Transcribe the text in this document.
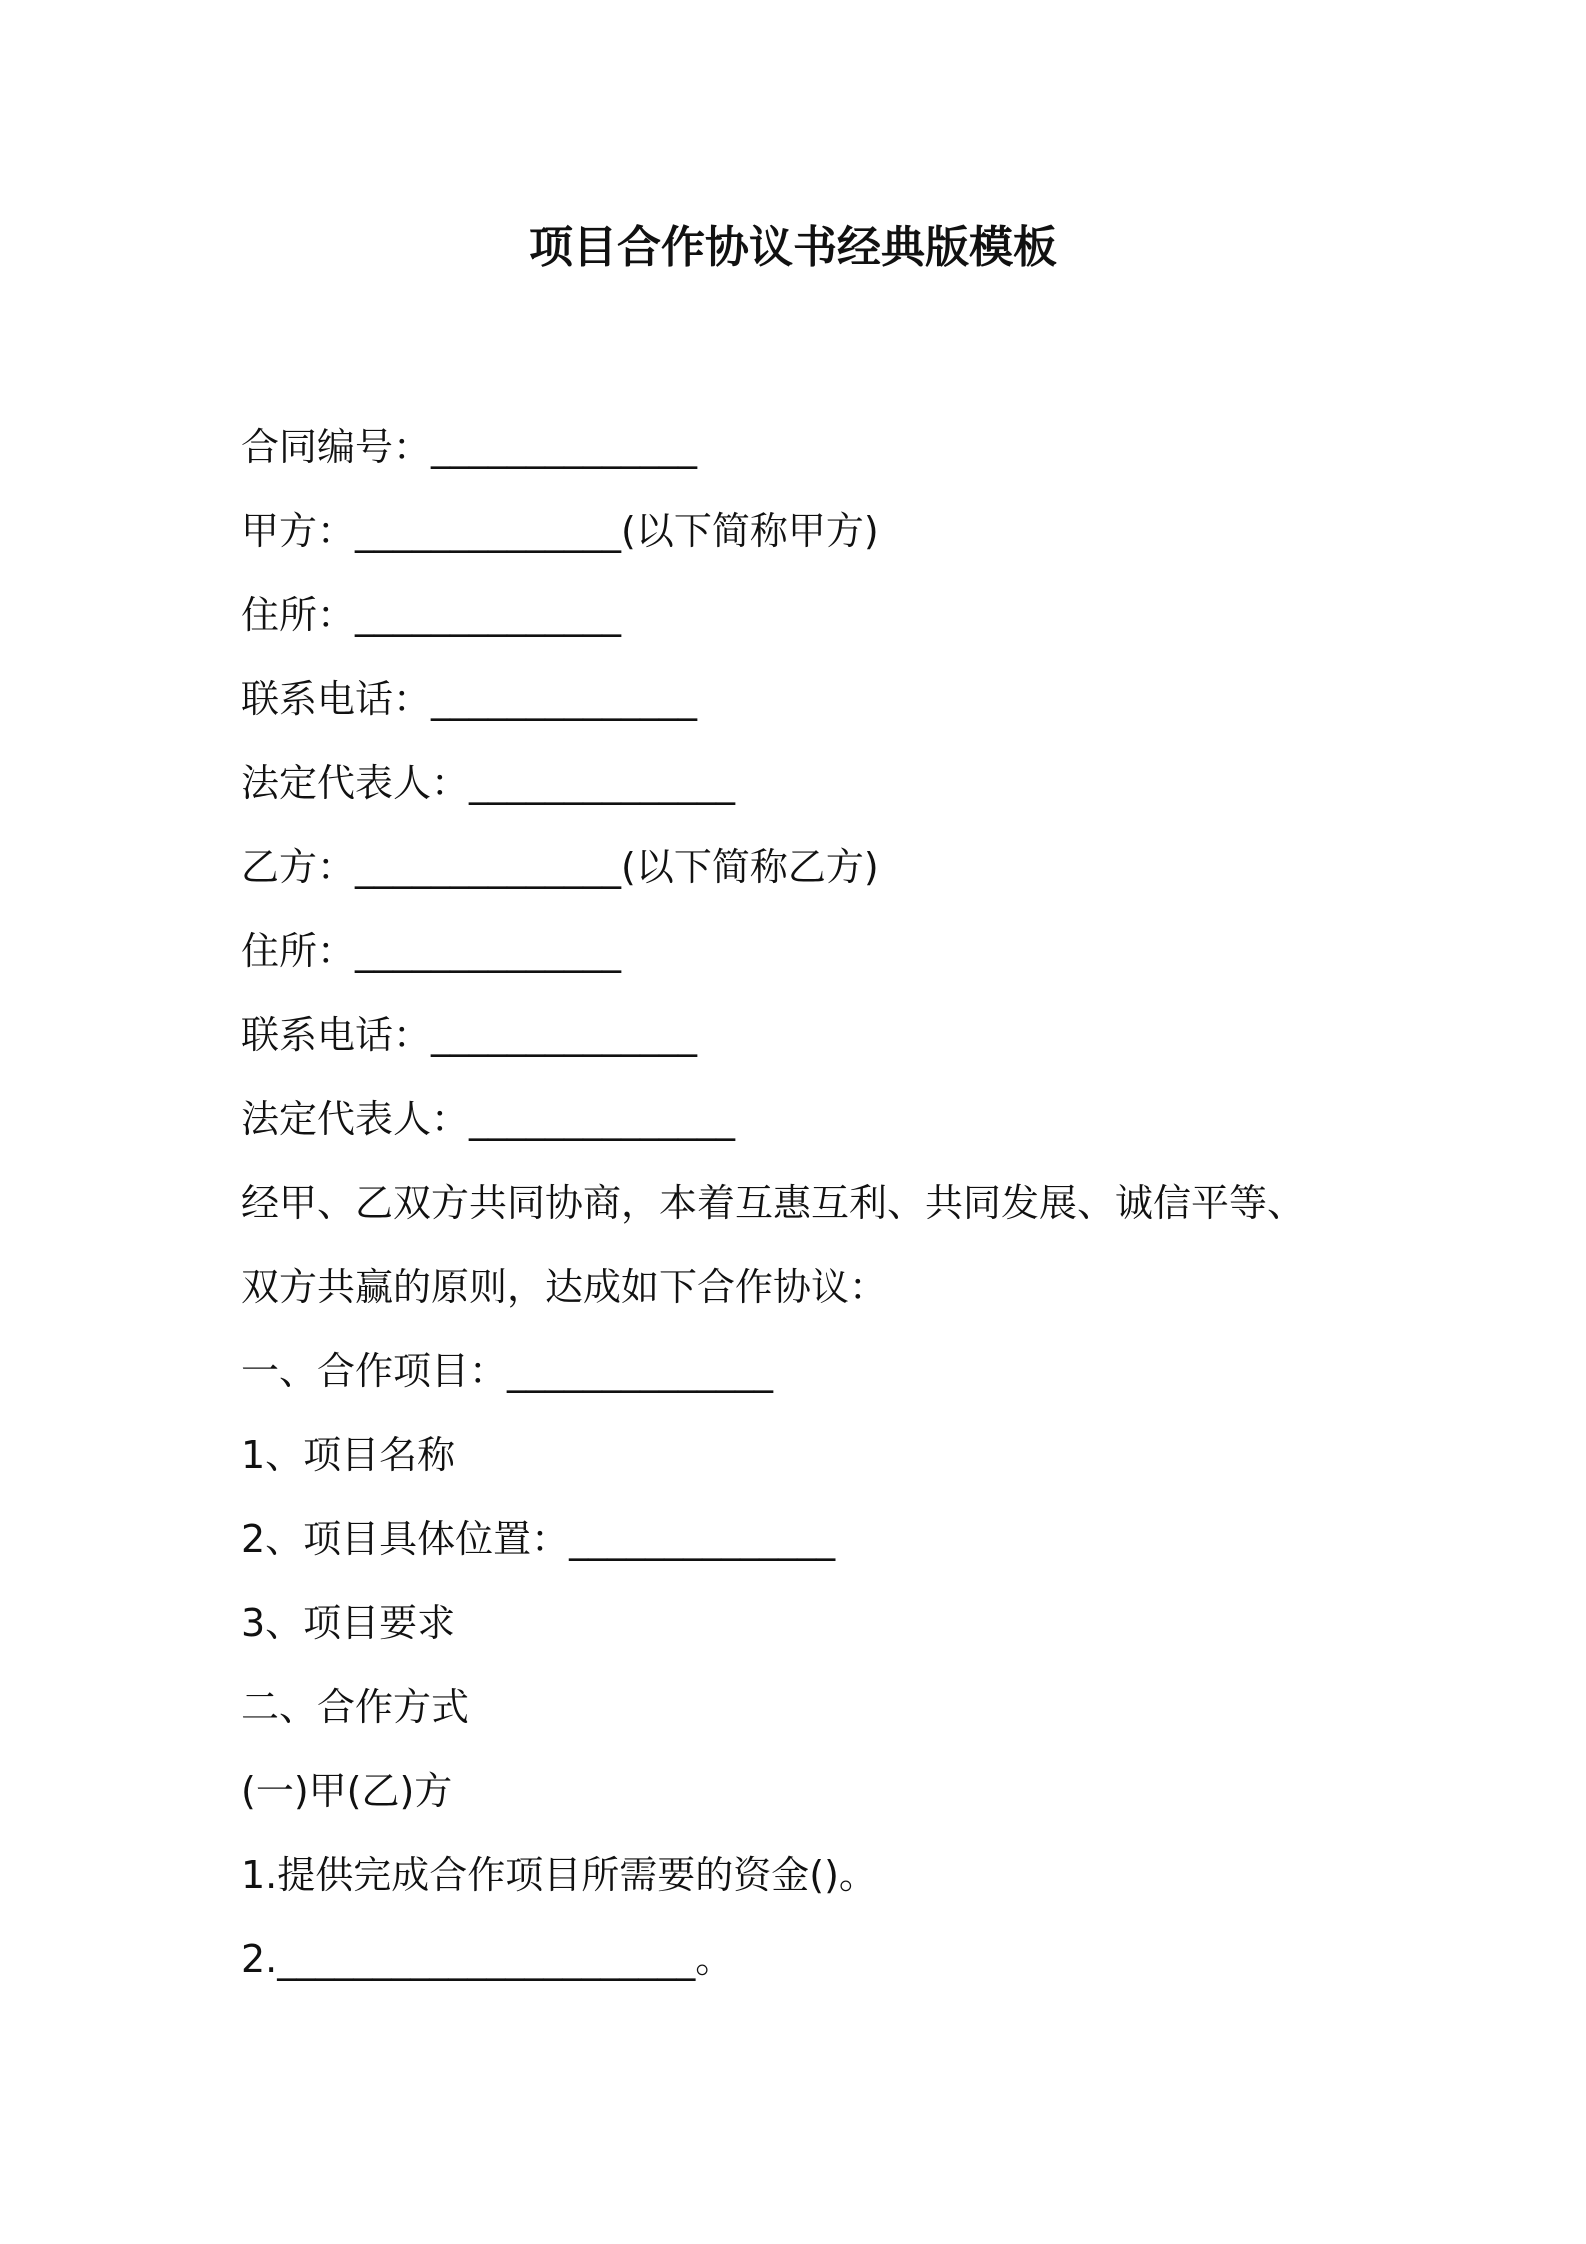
项目合作协议书经典版模板

合同编号：______________

甲方：______________(以下简称甲方)

住所：______________

联系电话：______________

法定代表人：______________

乙方：______________(以下简称乙方)

住所：______________

联系电话：______________

法定代表人：______________

经甲、乙双方共同协商，本着互惠互利、共同发展、诚信平等、

双方共赢的原则，达成如下合作协议：

一、合作项目：______________

1、项目名称

2、项目具体位置：______________

3、项目要求

二、合作方式

(一)甲(乙)方

1.提供完成合作项目所需要的资金()。

2.______________________。
